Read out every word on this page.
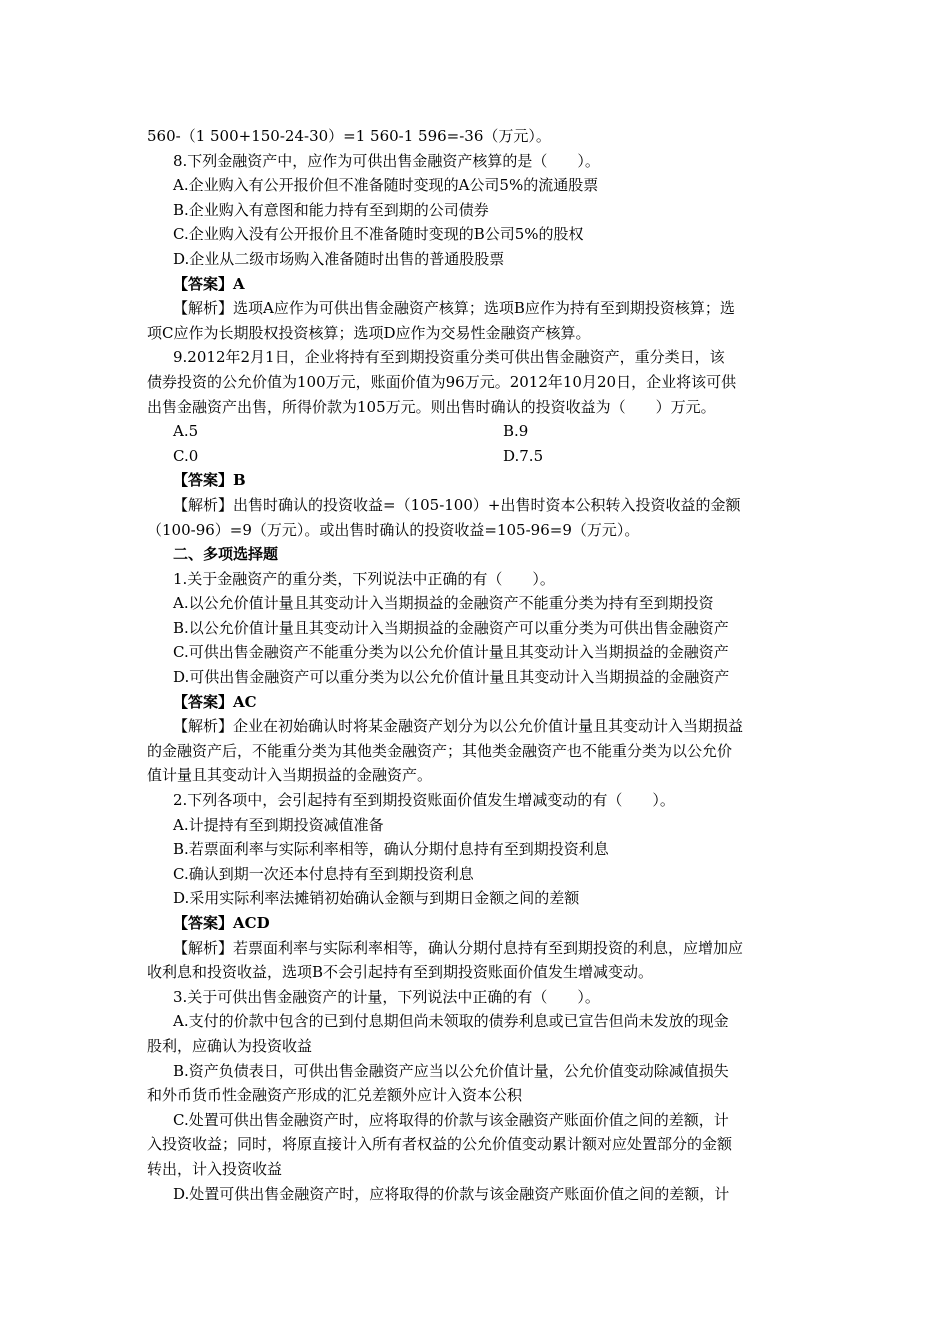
560-（1 500+150-24-30）=1 560-1 596=-36（万元）。
8.下列金融资产中，应作为可供出售金融资产核算的是（　　）。
A.企业购入有公开报价但不准备随时变现的A公司5%的流通股票
B.企业购入有意图和能力持有至到期的公司债券
C.企业购入没有公开报价且不准备随时变现的B公司5%的股权
D.企业从二级市场购入准备随时出售的普通股股票
【答案】A
【解析】选项A应作为可供出售金融资产核算；选项B应作为持有至到期投资核算；选
项C应作为长期股权投资核算；选项D应作为交易性金融资产核算。
9.2012年2月1日，企业将持有至到期投资重分类可供出售金融资产，重分类日，该
债券投资的公允价值为100万元，账面价值为96万元。2012年10月20日，企业将该可供
出售金融资产出售，所得价款为105万元。则出售时确认的投资收益为（　　）万元。
A.5	B.9
C.0	D.7.5
【答案】B
【解析】出售时确认的投资收益=（105-100）+出售时资本公积转入投资收益的金额
（100-96）=9（万元）。或出售时确认的投资收益=105-96=9（万元）。
二、多项选择题
1.关于金融资产的重分类，下列说法中正确的有（　　）。
A.以公允价值计量且其变动计入当期损益的金融资产不能重分类为持有至到期投资
B.以公允价值计量且其变动计入当期损益的金融资产可以重分类为可供出售金融资产
C.可供出售金融资产不能重分类为以公允价值计量且其变动计入当期损益的金融资产
D.可供出售金融资产可以重分类为以公允价值计量且其变动计入当期损益的金融资产
【答案】AC
【解析】企业在初始确认时将某金融资产划分为以公允价值计量且其变动计入当期损益
的金融资产后，不能重分类为其他类金融资产；其他类金融资产也不能重分类为以公允价
值计量且其变动计入当期损益的金融资产。
2.下列各项中，会引起持有至到期投资账面价值发生增减变动的有（　　）。
A.计提持有至到期投资减值准备
B.若票面利率与实际利率相等，确认分期付息持有至到期投资利息
C.确认到期一次还本付息持有至到期投资利息
D.采用实际利率法摊销初始确认金额与到期日金额之间的差额
【答案】ACD
【解析】若票面利率与实际利率相等，确认分期付息持有至到期投资的利息，应增加应
收利息和投资收益，选项B不会引起持有至到期投资账面价值发生增减变动。
3.关于可供出售金融资产的计量，下列说法中正确的有（　　）。
A.支付的价款中包含的已到付息期但尚未领取的债券利息或已宣告但尚未发放的现金
股利，应确认为投资收益
B.资产负债表日，可供出售金融资产应当以公允价值计量，公允价值变动除减值损失
和外币货币性金融资产形成的汇兑差额外应计入资本公积
C.处置可供出售金融资产时，应将取得的价款与该金融资产账面价值之间的差额，计
入投资收益；同时，将原直接计入所有者权益的公允价值变动累计额对应处置部分的金额
转出，计入投资收益
D.处置可供出售金融资产时，应将取得的价款与该金融资产账面价值之间的差额，计
